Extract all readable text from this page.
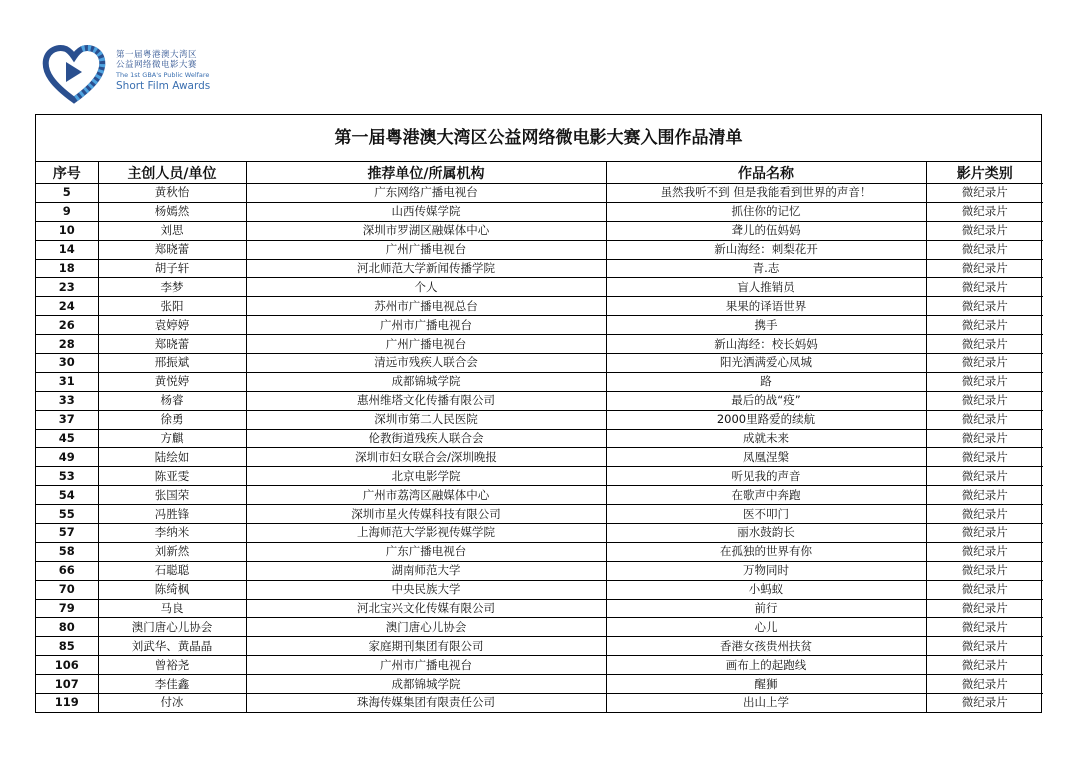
第一届粤港澳大湾区
公益网络微电影大赛
The 1st GBA's Public Welfare
Short Film Awards
第一届粤港澳大湾区公益网络微电影大赛入围作品清单
序号	主创人员/单位	推荐单位/所属机构	作品名称	影片类别
5	黄秋怡	广东网络广播电视台	虽然我听不到 但是我能看到世界的声音！	微纪录片
9	杨嫣然	山西传媒学院	抓住你的记忆	微纪录片
10	刘思	深圳市罗湖区融媒体中心	聋儿的伍妈妈	微纪录片
14	郑晓蕾	广州广播电视台	新山海经：刺梨花开	微纪录片
18	胡子轩	河北师范大学新闻传播学院	青.志	微纪录片
23	李梦	个人	盲人推销员	微纪录片
24	张阳	苏州市广播电视总台	果果的译语世界	微纪录片
26	袁婷婷	广州市广播电视台	携手	微纪录片
28	郑晓蕾	广州广播电视台	新山海经：校长妈妈	微纪录片
30	邢振斌	清远市残疾人联合会	阳光洒满爱心凤城	微纪录片
31	黄悦婷	成都锦城学院	路	微纪录片
33	杨睿	惠州维塔文化传播有限公司	最后的战“疫”	微纪录片
37	徐勇	深圳市第二人民医院	2000里路爱的续航	微纪录片
45	方麒	伦教街道残疾人联合会	成就未来	微纪录片
49	陆绘如	深圳市妇女联合会/深圳晚报	凤凰涅槃	微纪录片
53	陈亚雯	北京电影学院	听见我的声音	微纪录片
54	张国荣	广州市荔湾区融媒体中心	在歌声中奔跑	微纪录片
55	冯胜锋	深圳市星火传媒科技有限公司	医不叩门	微纪录片
57	李纳米	上海师范大学影视传媒学院	丽水鼓韵长	微纪录片
58	刘新然	广东广播电视台	在孤独的世界有你	微纪录片
66	石聪聪	湖南师范大学	万物同时	微纪录片
70	陈绮枫	中央民族大学	小蚂蚁	微纪录片
79	马良	河北宝兴文化传媒有限公司	前行	微纪录片
80	澳门唐心儿协会	澳门唐心儿协会	心儿	微纪录片
85	刘武华、黄晶晶	家庭期刊集团有限公司	香港女孩贵州扶贫	微纪录片
106	曾裕尧	广州市广播电视台	画布上的起跑线	微纪录片
107	李佳鑫	成都锦城学院	醒狮	微纪录片
119	付冰	珠海传媒集团有限责任公司	出山上学	微纪录片
